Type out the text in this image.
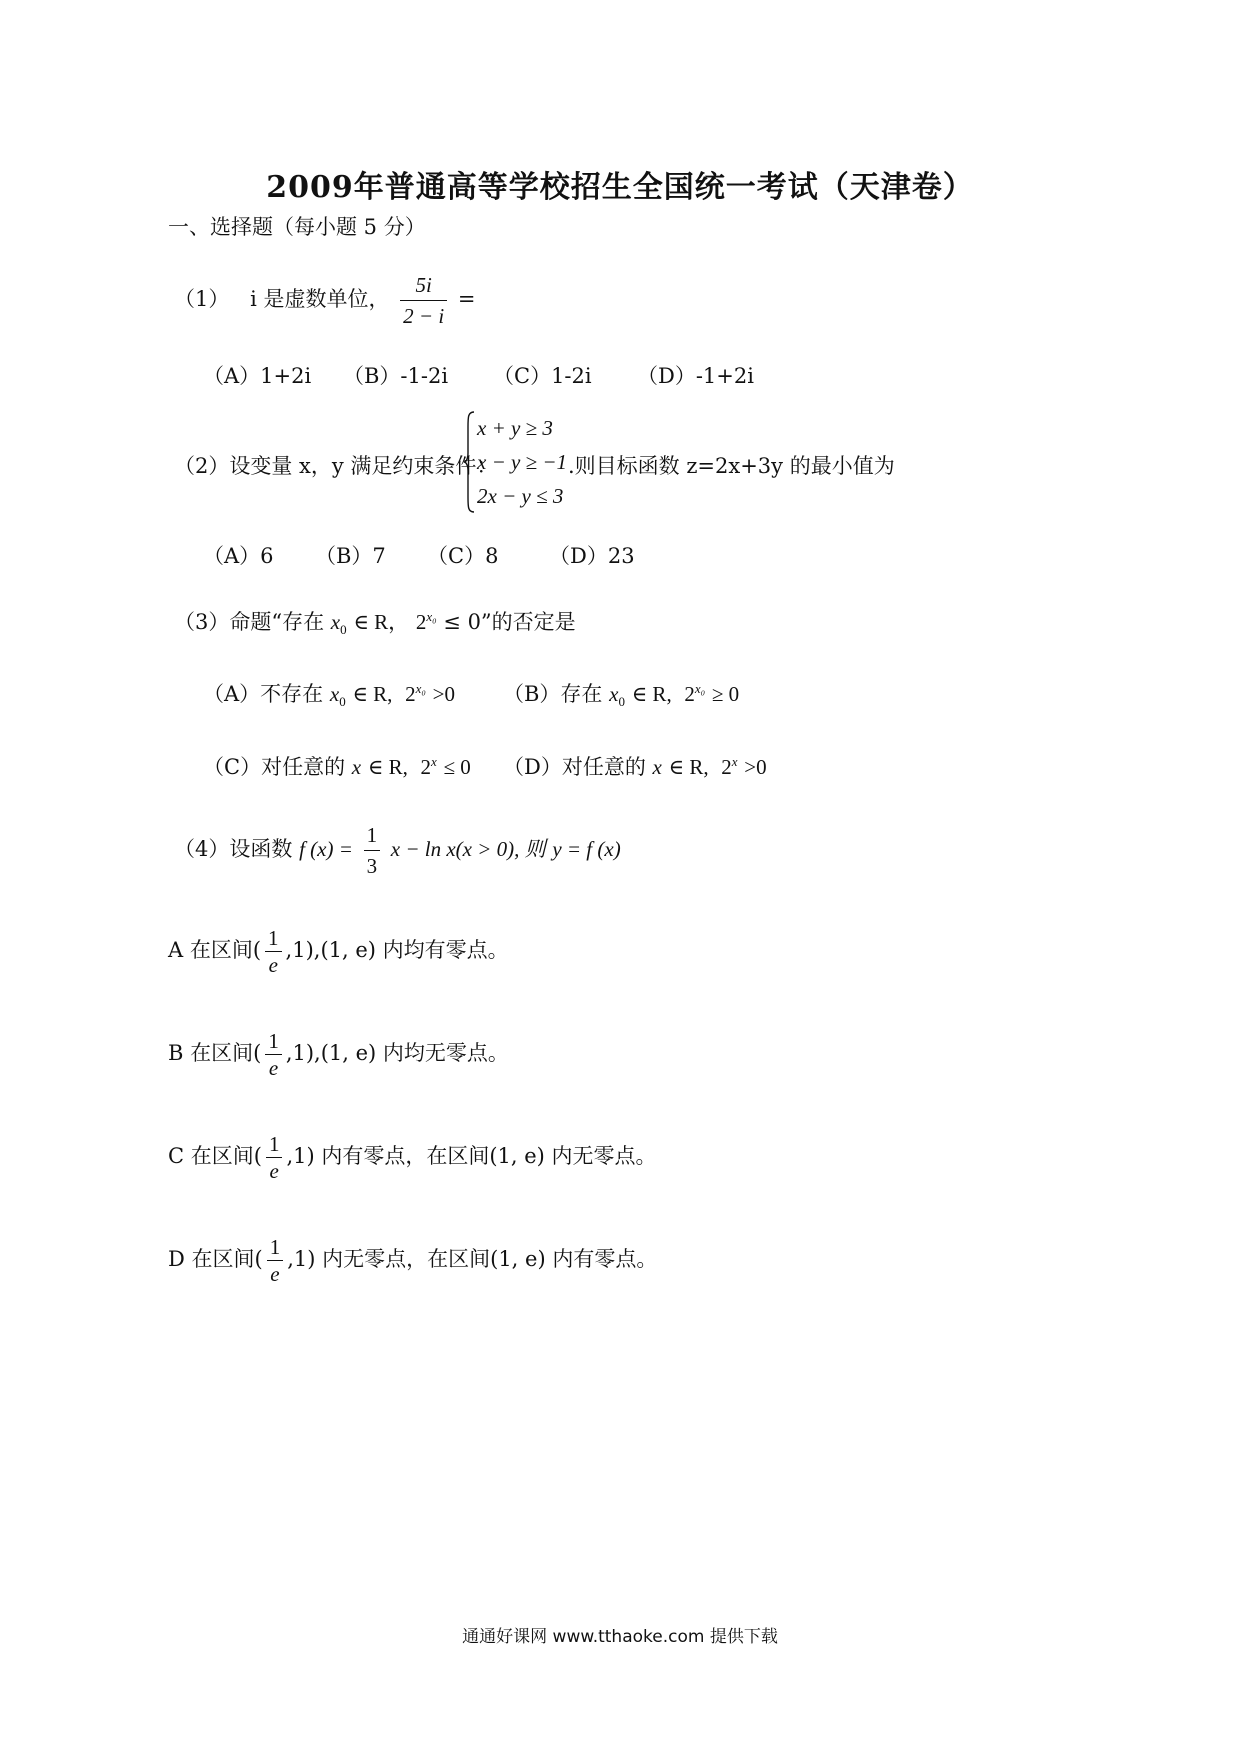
2009年普通高等学校招生全国统一考试（天津卷）
一、选择题（每小题 5 分）
（1） i 是虚数单位， $\frac{5i}{2 - i}$ =
（A）1+2i （B）-1-2i （C）1-2i （D）-1+2i
（2）设变量 x，y 满足约束条件：
x + y ≥ 3
x − y ≥ −1
2x − y ≤ 3
.则目标函数 z=2x+3y 的最小值为
（A）6 （B）7 （C）8 （D）23
（3）命题“存在 $x_0$ ∈ R， $2^{x_0} \le 0$”的否定是
（A）不存在 $x_0$ ∈ R, $2^{x_0} >0$ （B）存在 $x_0$ ∈ R, $2^{x_0} \ge 0$
（C）对任意的 x ∈ R, $2^x \le 0$ （D）对任意的 x ∈ R, $2^x >0$
（4）设函数 f $(x) = \frac{1}{3}$ x − ln x(x > 0), 则 y = f (x)
A 在区间( $\frac{1}{e} ,1),(1$, e) 内均有零点。
B 在区间( $\frac{1}{e} ,1),(1$, e) 内均无零点。
C 在区间( $\frac{1}{e} ,1$) 内有零点，在区间(1, e) 内无零点。
D 在区间( $\frac{1}{e} ,1$) 内无零点，在区间(1, e) 内有零点。
通通好课网 www.tthaoke.com 提供下载
